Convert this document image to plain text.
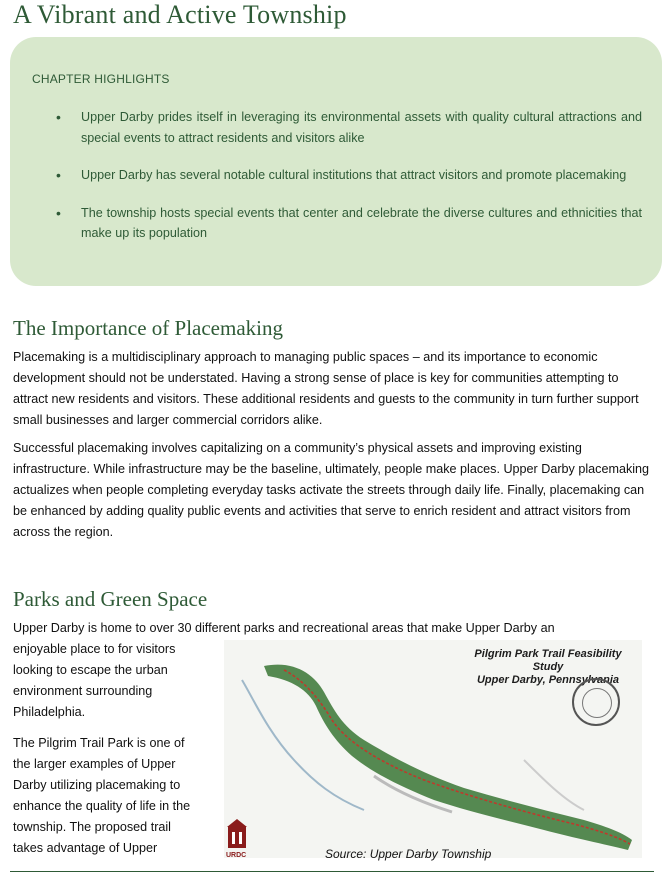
A Vibrant and Active Township
CHAPTER HIGHLIGHTS
• Upper Darby prides itself in leveraging its environmental assets with quality cultural attractions and special events to attract residents and visitors alike
• Upper Darby has several notable cultural institutions that attract visitors and promote placemaking
• The township hosts special events that center and celebrate the diverse cultures and ethnicities that make up its population
The Importance of Placemaking

Placemaking is a multidisciplinary approach to managing public spaces – and its importance to economic development should not be understated. Having a strong sense of place is key for communities attempting to attract new residents and visitors. These additional residents and guests to the community in turn further support small businesses and larger commercial corridors alike.

Successful placemaking involves capitalizing on a community’s physical assets and improving existing infrastructure. While infrastructure may be the baseline, ultimately, people make places. Upper Darby placemaking actualizes when people completing everyday tasks activate the streets through daily life. Finally, placemaking can be enhanced by adding quality public events and activities that serve to enrich resident and attract visitors from across the region.

Parks and Green Space

Upper Darby is home to over 30 different parks and recreational areas that make Upper Darby an

enjoyable place to for visitors looking to escape the urban environment surrounding Philadelphia.

The Pilgrim Trail Park is one of the larger examples of Upper Darby utilizing placemaking to enhance the quality of life in the township. The proposed trail takes advantage of Upper

Pilgrim Park Trail Feasibility Study
Upper Darby, Pennsylvania
URDC	Source: Upper Darby Township
